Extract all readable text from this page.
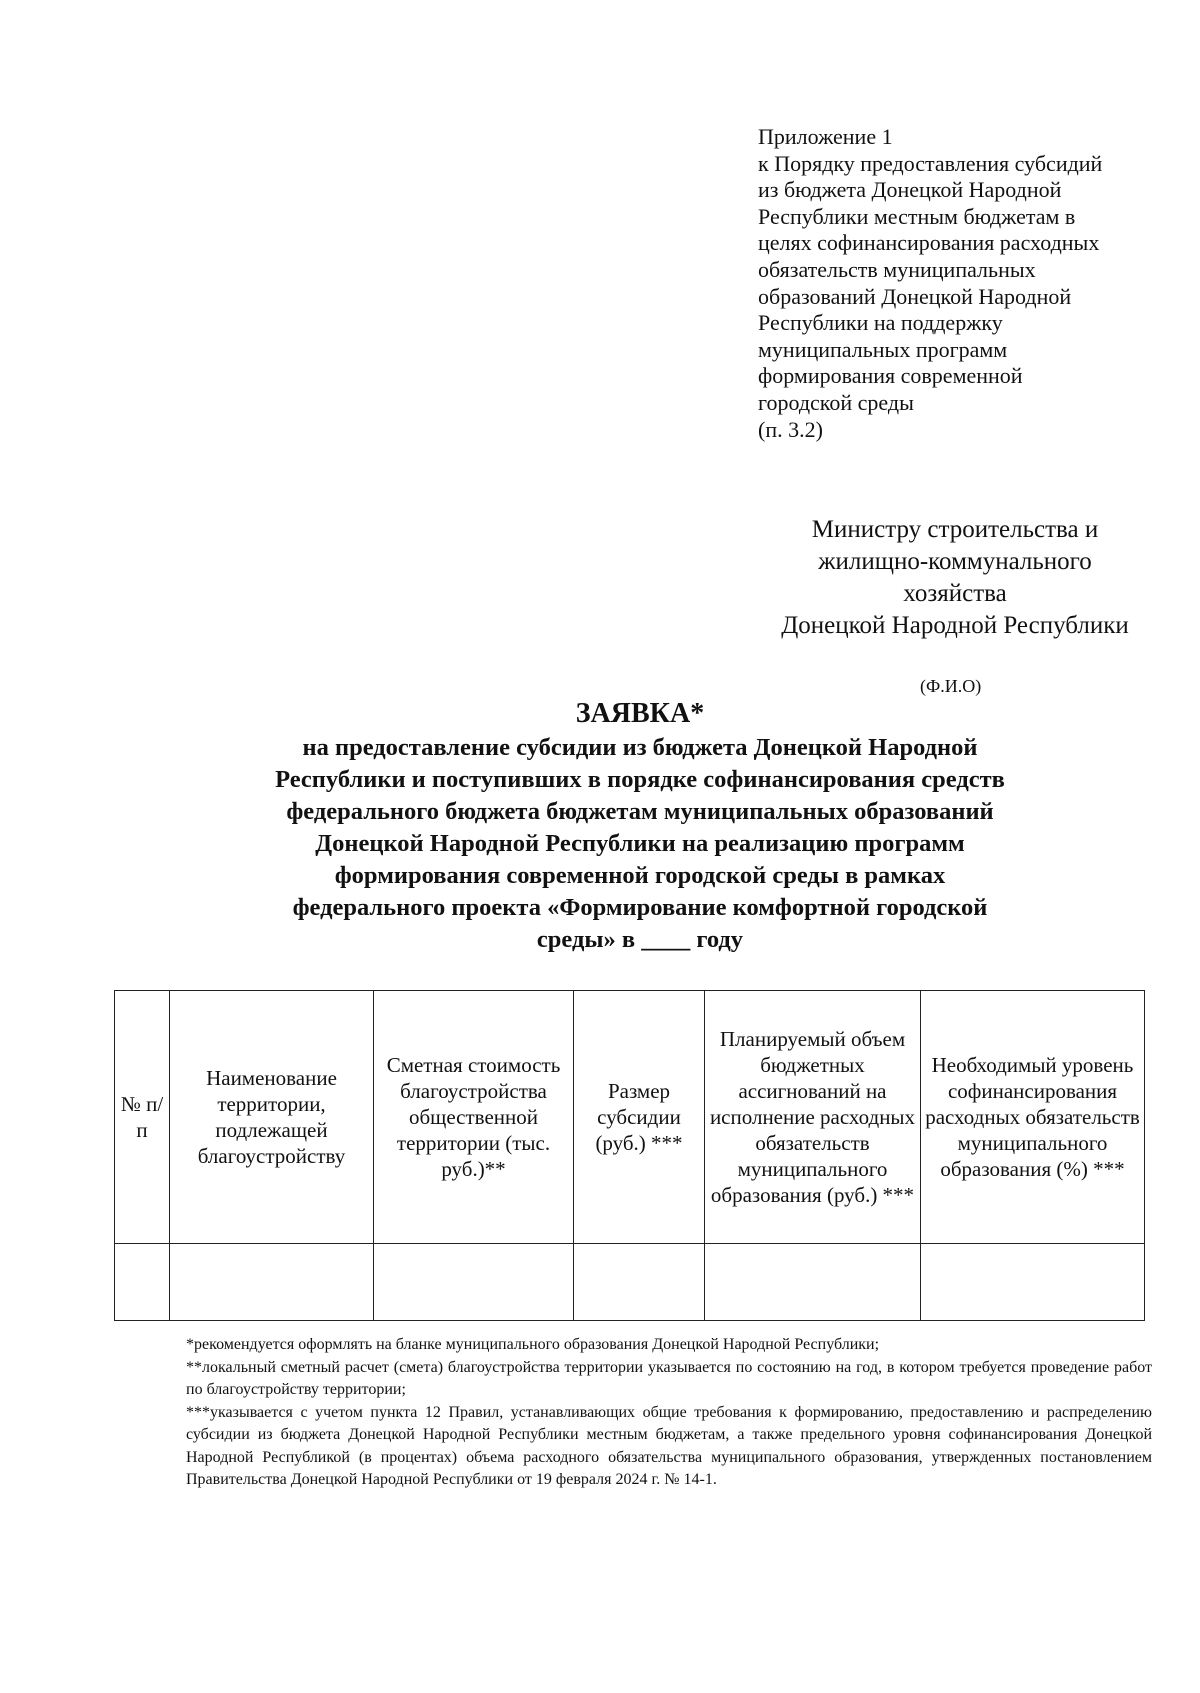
Приложение 1
к Порядку предоставления субсидий
из бюджета Донецкой Народной
Республики местным бюджетам в
целях софинансирования расходных
обязательств муниципальных
образований Донецкой Народной
Республики на поддержку
муниципальных программ
формирования современной
городской среды
(п. 3.2)
Министру строительства и
жилищно-коммунального
хозяйства
Донецкой Народной Республики
(Ф.И.О)
ЗАЯВКА*
на предоставление субсидии из бюджета Донецкой Народной
Республики и поступивших в порядке софинансирования средств
федерального бюджета бюджетам муниципальных образований
Донецкой Народной Республики на реализацию программ
формирования современной городской среды в рамках
федерального проекта «Формирование комфортной городской
среды» в ____ году
№ п/п	Наименование территории, подлежащей благоустройству	Сметная стоимость благоустройства общественной территории (тыс. руб.)**	Размер субсидии (руб.) ***	Планируемый объем бюджетных ассигнований на исполнение расходных обязательств муниципального образования (руб.) ***	Необходимый уровень софинансирования расходных обязательств муниципального образования (%) ***

*рекомендуется оформлять на бланке муниципального образования Донецкой Народной Республики;

**локальный сметный расчет (смета) благоустройства территории указывается по состоянию на год, в котором требуется проведение работ по благоустройству территории;

***указывается с учетом пункта 12 Правил, устанавливающих общие требования к формированию, предоставлению и распределению субсидии из бюджета Донецкой Народной Республики местным бюджетам, а также предельного уровня софинансирования Донецкой Народной Республикой (в процентах) объема расходного обязательства муниципального образования, утвержденных постановлением Правительства Донецкой Народной Республики от 19 февраля 2024 г. № 14-1.
